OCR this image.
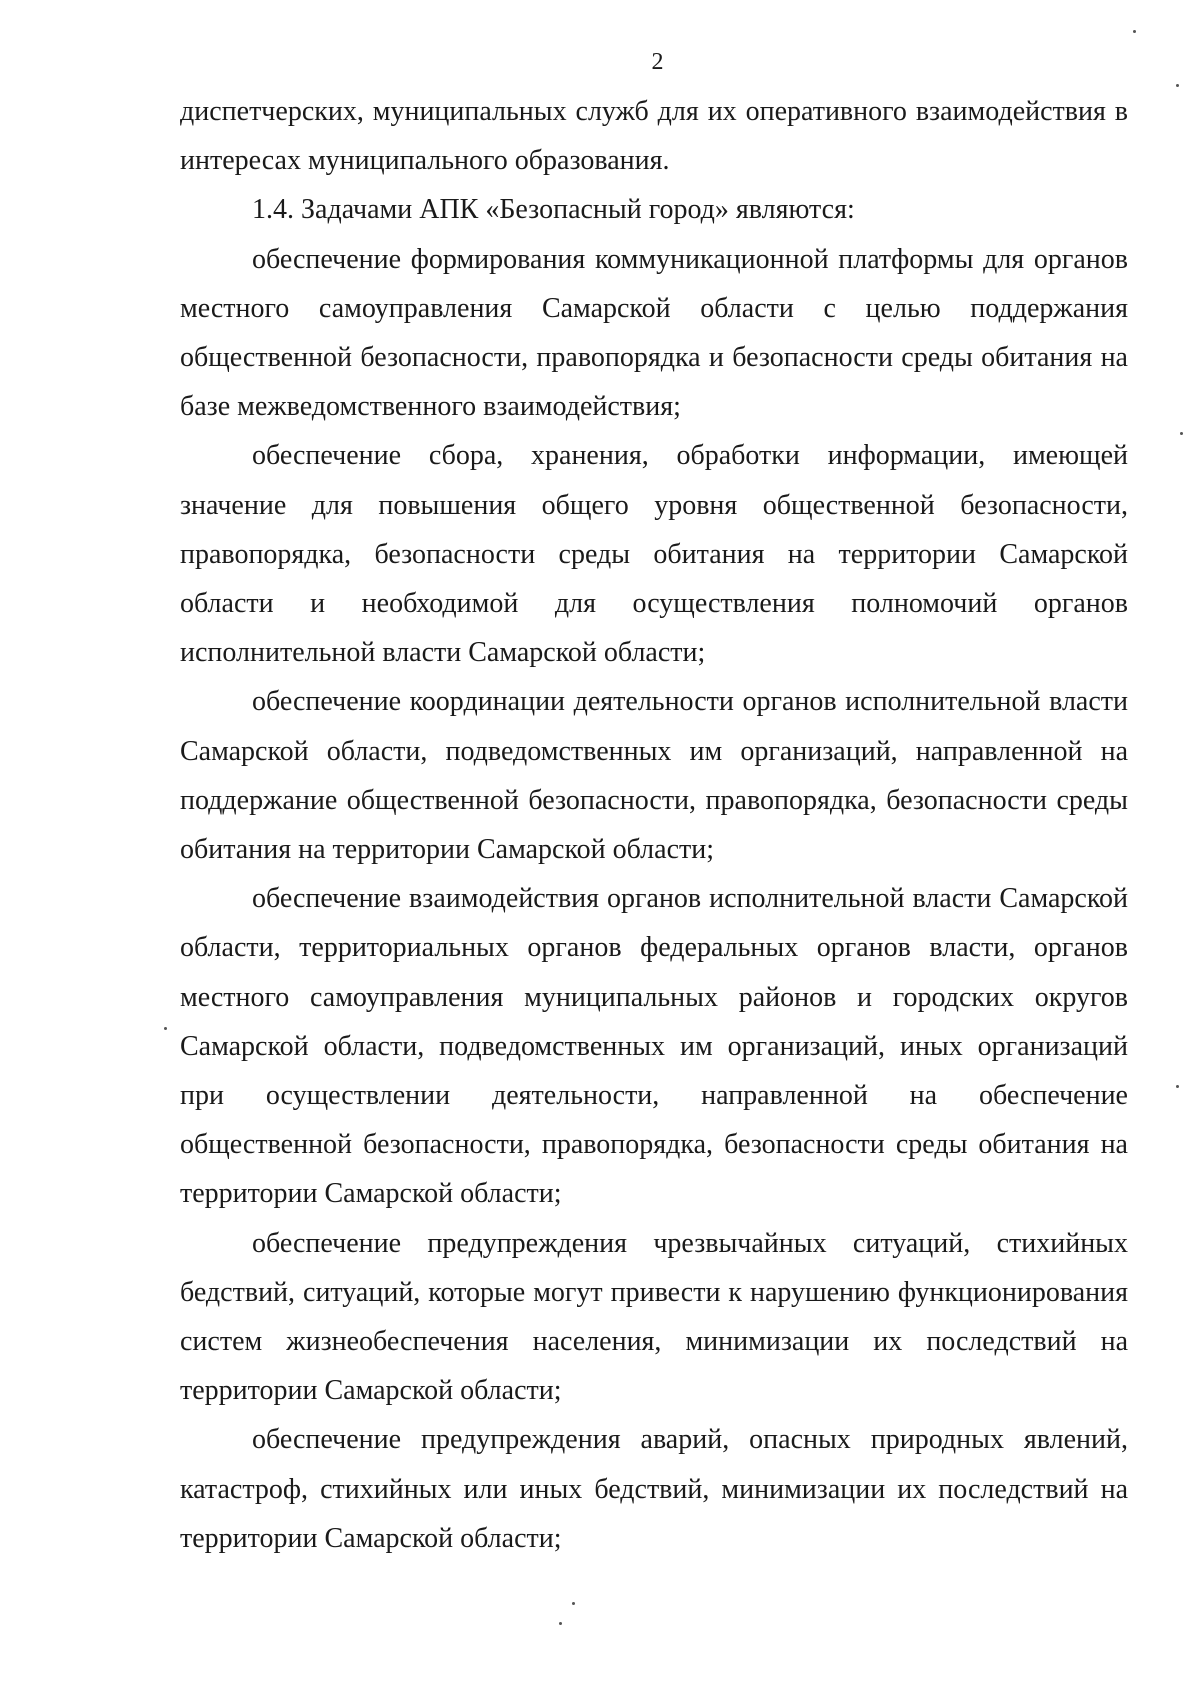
2

диспетчерских, муниципальных служб для их оперативного взаимодействия в интересах муниципального образования.

1.4. Задачами АПК «Безопасный город» являются:

обеспечение формирования коммуникационной платформы для органов местного самоуправления Самарской области с целью поддержания общественной безопасности, правопорядка и безопасности среды обитания на базе межведомственного взаимодействия;

обеспечение сбора, хранения, обработки информации, имеющей значение для повышения общего уровня общественной безопасности, правопорядка, безопасности среды обитания на территории Самарской области и необходимой для осуществления полномочий органов исполнительной власти Самарской области;

обеспечение координации деятельности органов исполнительной власти Самарской области, подведомственных им организаций, направленной на поддержание общественной безопасности, правопорядка, безопасности среды обитания на территории Самарской области;

обеспечение взаимодействия органов исполнительной власти Самарской области, территориальных органов федеральных органов власти, органов местного самоуправления муниципальных районов и городских округов Самарской области, подведомственных им организаций, иных организаций при осуществлении деятельности, направленной на обеспечение общественной безопасности, правопорядка, безопасности среды обитания на территории Самарской области;

обеспечение предупреждения чрезвычайных ситуаций, стихийных бедствий, ситуаций, которые могут привести к нарушению функционирования систем жизнеобеспечения населения, минимизации их последствий на территории Самарской области;

обеспечение предупреждения аварий, опасных природных явлений, катастроф, стихийных или иных бедствий, минимизации их последствий на территории Самарской области;
